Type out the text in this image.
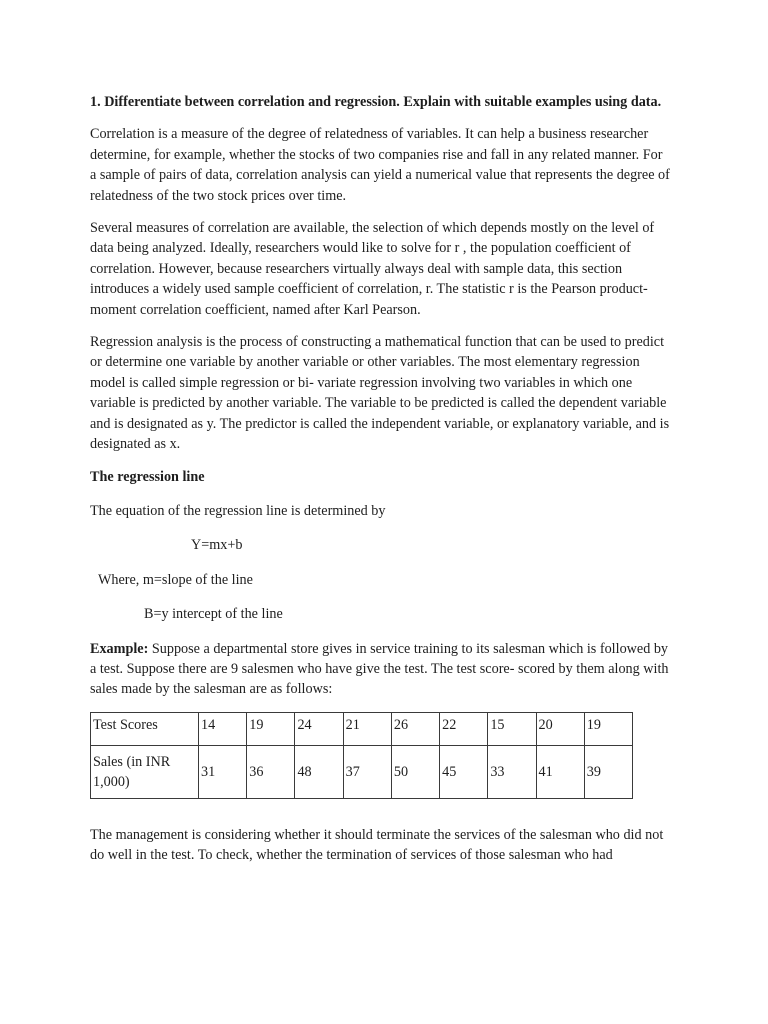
1. Differentiate between correlation and regression. Explain with suitable examples using data.

Correlation is a measure of the degree of relatedness of variables. It can help a business researcher determine, for example, whether the stocks of two companies rise and fall in any related manner. For a sample of pairs of data, correlation analysis can yield a numerical value that represents the degree of relatedness of the two stock prices over time.

Several measures of correlation are available, the selection of which depends mostly on the level of data being analyzed. Ideally, researchers would like to solve for r , the population coefficient of correlation. However, because researchers virtually always deal with sample data, this section introduces a widely used sample coefficient of correlation, r. The statistic r is the Pearson product-moment correlation coefficient, named after Karl Pearson.

Regression analysis is the process of constructing a mathematical function that can be used to predict or determine one variable by another variable or other variables. The most elementary regression model is called simple regression or bi- variate regression involving two variables in which one variable is predicted by another variable. The variable to be predicted is called the dependent variable and is designated as y. The predictor is called the independent variable, or explanatory variable, and is designated as x.

The regression line
The equation of the regression line is determined by
Y=mx+b
Where, m=slope of the line
B=y intercept of the line

Example: Suppose a departmental store gives in service training to its salesman which is followed by a test. Suppose there are 9 salesmen who have give the test. The test score- scored by them along with sales made by the salesman are as follows:

Test Scores	14	19	24	21	26	22	15	20	19
Sales (in INR 1,000)	31	36	48	37	50	45	33	41	39

The management is considering whether it should terminate the services of the salesman who did not do well in the test. To check, whether the termination of services of those salesman who had
